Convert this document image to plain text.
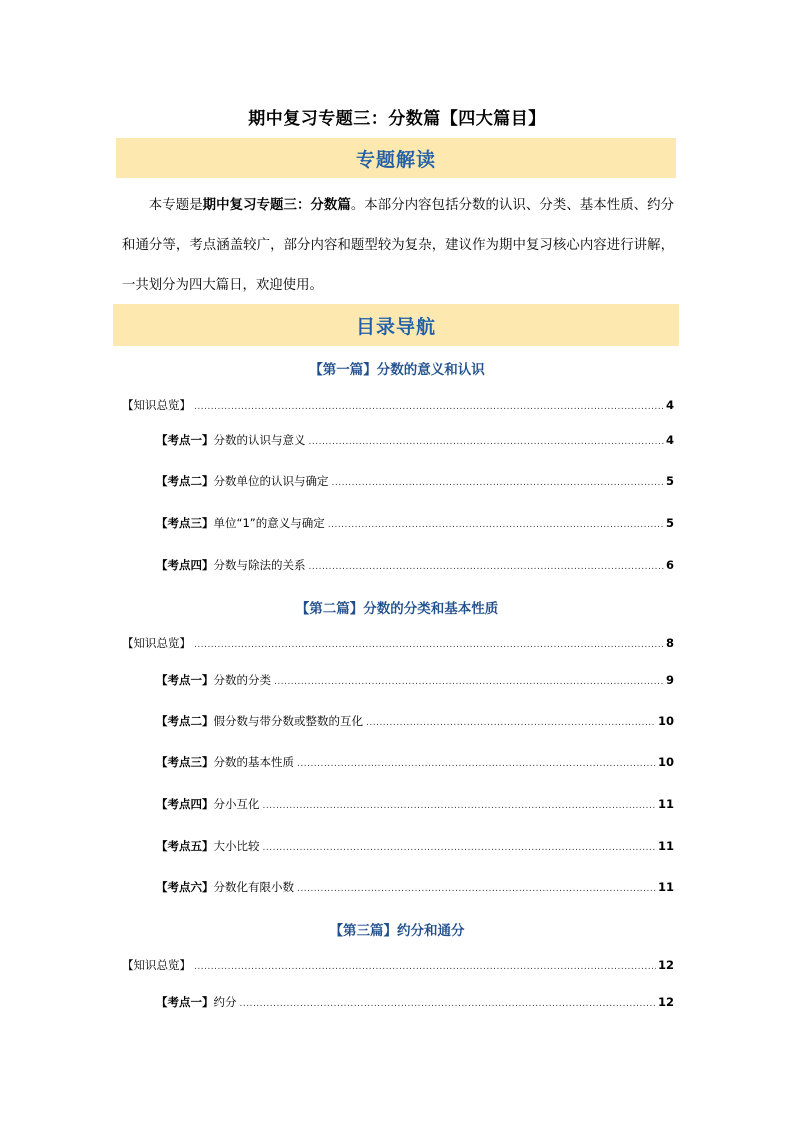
期中复习专题三：分数篇【四大篇目】
专题解读

本专题是期中复习专题三：分数篇。本部分内容包括分数的认识、分类、基本性质、约分和通分等，考点涵盖较广，部分内容和题型较为复杂，建议作为期中复习核心内容进行讲解，一共划分为四大篇日，欢迎使用。

目录导航
【第一篇】分数的意义和认识
【知识总览】 .....	4
【考点一】分数的认识与意义 .....	4
【考点二】分数单位的认识与确定 .....	5
【考点三】单位“1”的意义与确定 .....	5
【考点四】分数与除法的关系 .....	6
【第二篇】分数的分类和基本性质
【知识总览】 .....	8
【考点一】分数的分类 .....	9
【考点二】假分数与带分数或整数的互化 .....	10
【考点三】分数的基本性质 .....	10
【考点四】分小互化 .....	11
【考点五】大小比较 .....	11
【考点六】分数化有限小数 .....	11
【第三篇】约分和通分
【知识总览】 .....	12
【考点一】约分 .....	12
